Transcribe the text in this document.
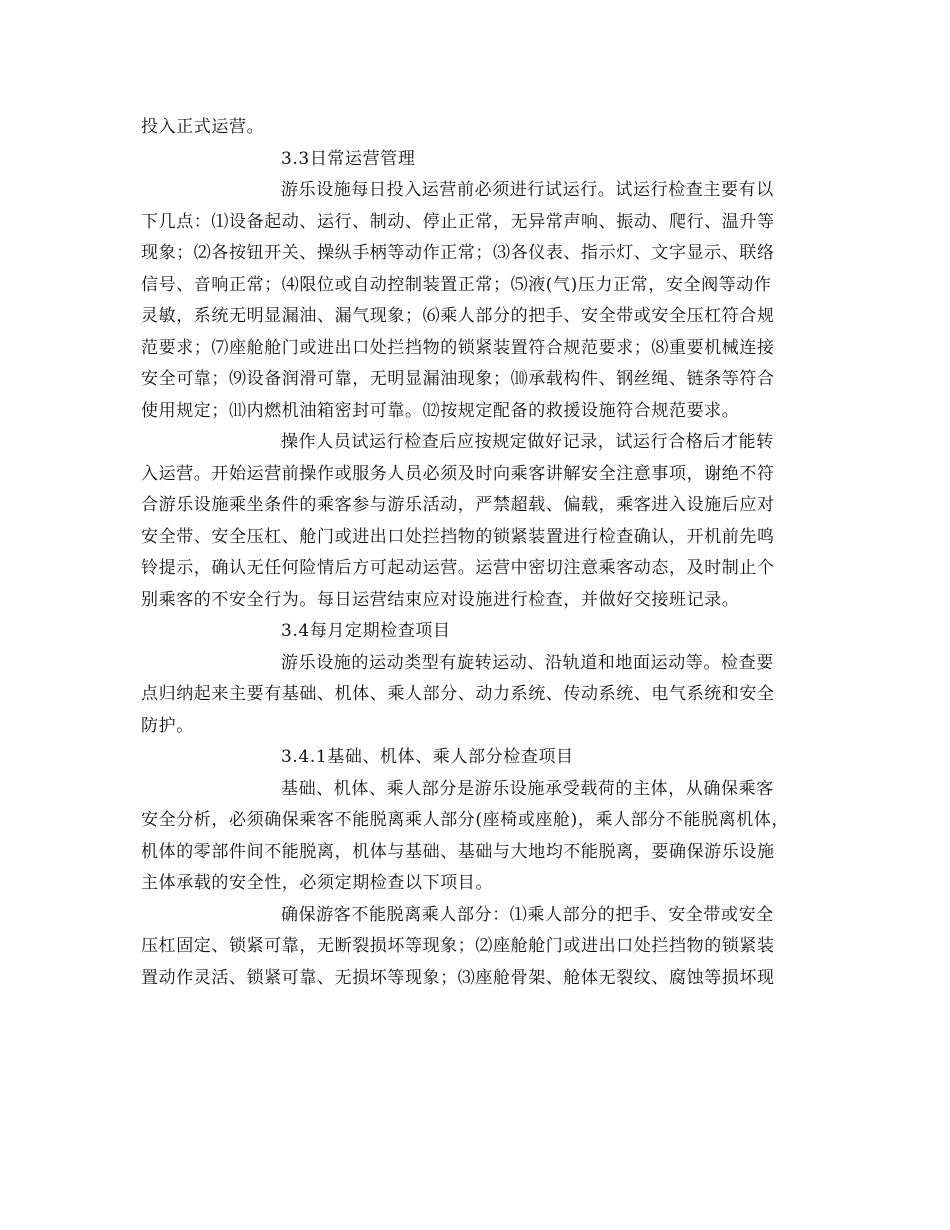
投入正式运营。
3.3日常运营管理
游乐设施每日投入运营前必须进行试运行。试运行检查主要有以
下几点：⑴设备起动、运行、制动、停止正常，无异常声响、振动、爬行、温升等
现象；⑵各按钮开关、操纵手柄等动作正常；⑶各仪表、指示灯、文字显示、联络
信号、音响正常；⑷限位或自动控制装置正常；⑸液(气)压力正常，安全阀等动作
灵敏，系统无明显漏油、漏气现象；⑹乘人部分的把手、安全带或安全压杠符合规
范要求；⑺座舱舱门或进出口处拦挡物的锁紧装置符合规范要求；⑻重要机械连接
安全可靠；⑼设备润滑可靠，无明显漏油现象；⑽承载构件、钢丝绳、链条等符合
使用规定；⑾内燃机油箱密封可靠。⑿按规定配备的救援设施符合规范要求。
操作人员试运行检查后应按规定做好记录，试运行合格后才能转
入运营。开始运营前操作或服务人员必须及时向乘客讲解安全注意事项，谢绝不符
合游乐设施乘坐条件的乘客参与游乐活动，严禁超载、偏载，乘客进入设施后应对
安全带、安全压杠、舱门或进出口处拦挡物的锁紧装置进行检查确认，开机前先鸣
铃提示，确认无任何险情后方可起动运营。运营中密切注意乘客动态，及时制止个
别乘客的不安全行为。每日运营结束应对设施进行检查，并做好交接班记录。
3.4每月定期检查项目
游乐设施的运动类型有旋转运动、沿轨道和地面运动等。检查要
点归纳起来主要有基础、机体、乘人部分、动力系统、传动系统、电气系统和安全
防护。
3.4.1基础、机体、乘人部分检查项目
基础、机体、乘人部分是游乐设施承受载荷的主体，从确保乘客
安全分析，必须确保乘客不能脱离乘人部分(座椅或座舱)，乘人部分不能脱离机体，
机体的零部件间不能脱离，机体与基础、基础与大地均不能脱离，要确保游乐设施
主体承载的安全性，必须定期检查以下项目。
确保游客不能脱离乘人部分：⑴乘人部分的把手、安全带或安全
压杠固定、锁紧可靠，无断裂损坏等现象；⑵座舱舱门或进出口处拦挡物的锁紧装
置动作灵活、锁紧可靠、无损坏等现象；⑶座舱骨架、舱体无裂纹、腐蚀等损坏现
